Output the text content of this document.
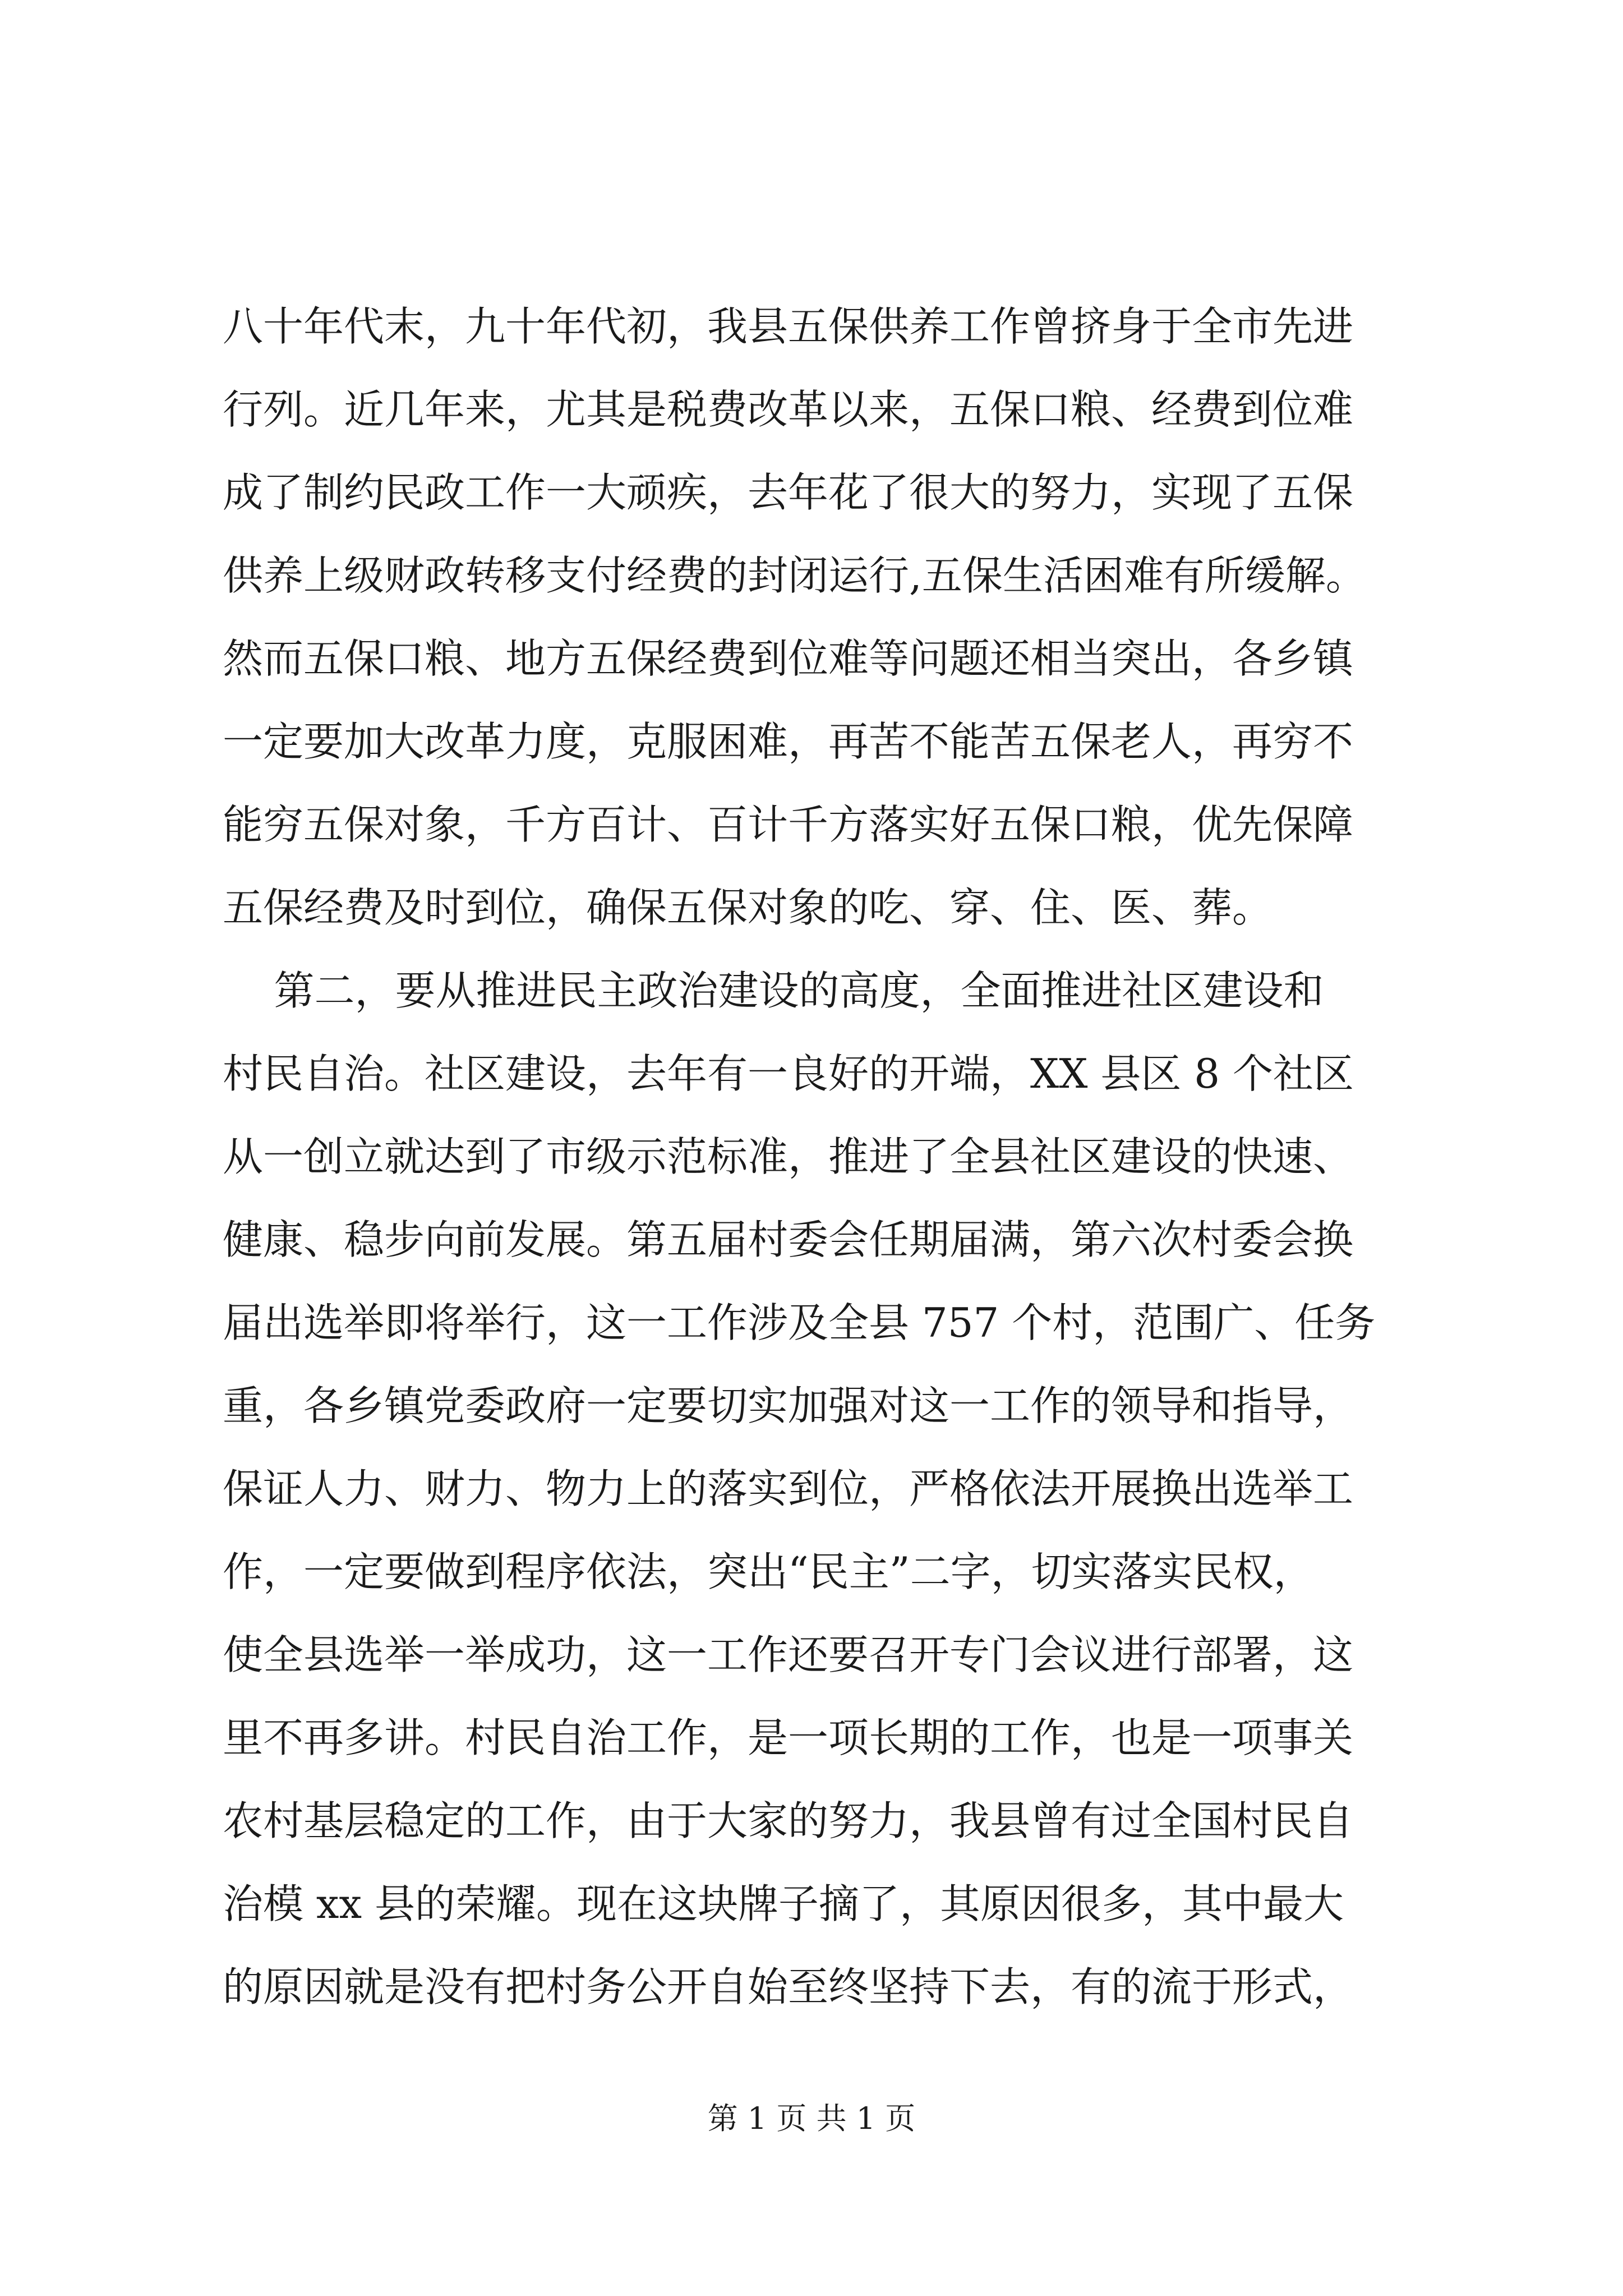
八十年代末，九十年代初，我县五保供养工作曾挤身于全市先进
行列。近几年来，尤其是税费改革以来，五保口粮、经费到位难
成了制约民政工作一大顽疾，去年花了很大的努力，实现了五保
供养上级财政转移支付经费的封闭运行,五保生活困难有所缓解。
然而五保口粮、地方五保经费到位难等问题还相当突出，各乡镇
一定要加大改革力度，克服困难，再苦不能苦五保老人，再穷不
能穷五保对象，千方百计、百计千方落实好五保口粮，优先保障
五保经费及时到位，确保五保对象的吃、穿、住、医、葬。
第二，要从推进民主政治建设的高度，全面推进社区建设和
村民自治。社区建设，去年有一良好的开端，XX 县区 8 个社区
从一创立就达到了市级示范标准，推进了全县社区建设的快速、
健康、稳步向前发展。第五届村委会任期届满，第六次村委会换
届出选举即将举行，这一工作涉及全县 757 个村，范围广、任务
重，各乡镇党委政府一定要切实加强对这一工作的领导和指导，
保证人力、财力、物力上的落实到位，严格依法开展换出选举工
作，一定要做到程序依法，突出“民主”二字，切实落实民权，
使全县选举一举成功，这一工作还要召开专门会议进行部署，这
里不再多讲。村民自治工作，是一项长期的工作，也是一项事关
农村基层稳定的工作，由于大家的努力，我县曾有过全国村民自
治模 xx 县的荣耀。现在这块牌子摘了，其原因很多，其中最大
的原因就是没有把村务公开自始至终坚持下去，有的流于形式，
第 1 页 共 1 页
